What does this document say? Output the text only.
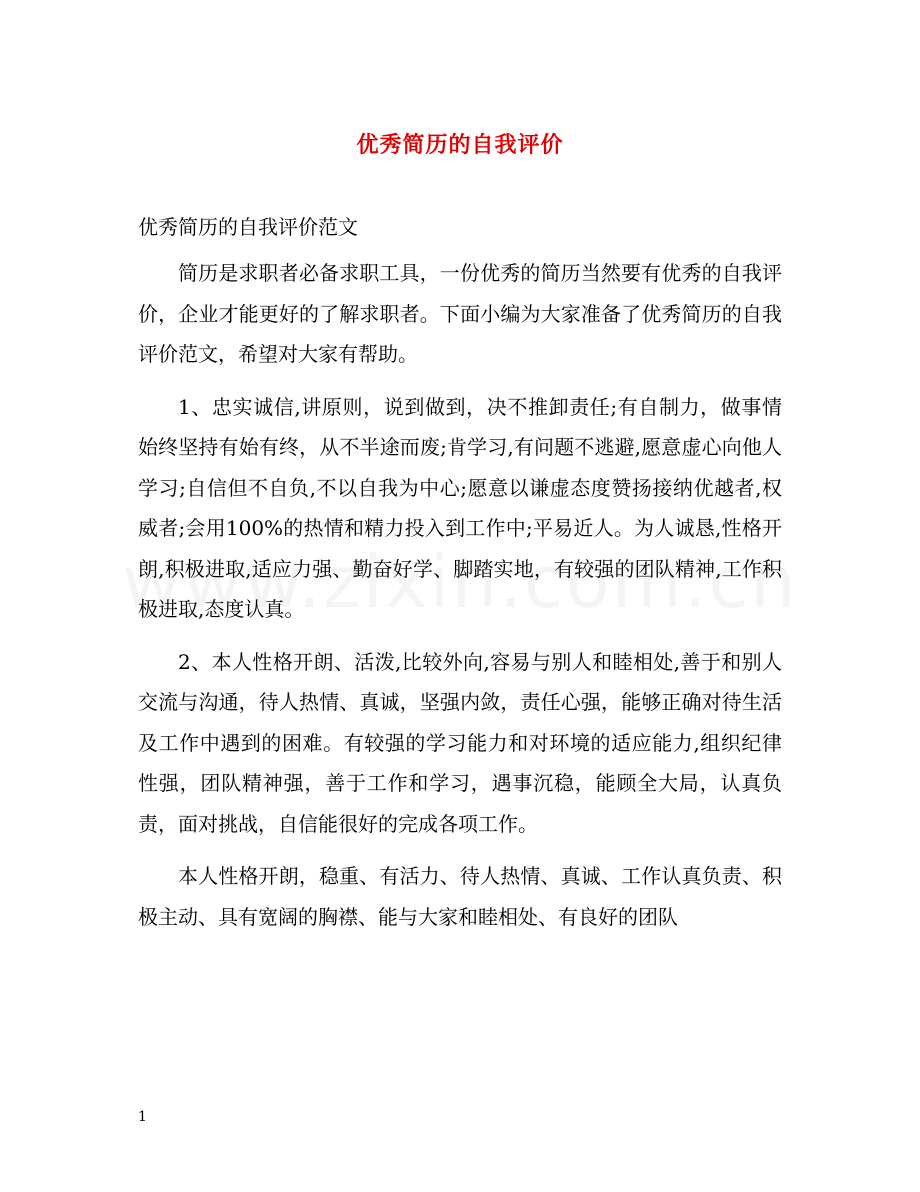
优秀简历的自我评价
优秀简历的自我评价范文

简历是求职者必备求职工具，一份优秀的简历当然要有优秀的自我评价，企业才能更好的了解求职者。下面小编为大家准备了优秀简历的自我评价范文，希望对大家有帮助。

1、忠实诚信,讲原则，说到做到，决不推卸责任;有自制力，做事情始终坚持有始有终，从不半途而废;肯学习,有问题不逃避,愿意虚心向他人学习;自信但不自负,不以自我为中心;愿意以谦虚态度赞扬接纳优越者,权威者;会用100%的热情和精力投入到工作中;平易近人。为人诚恳,性格开朗,积极进取,适应力强、勤奋好学、脚踏实地，有较强的团队精神,工作积极进取,态度认真。

2、本人性格开朗、活泼,比较外向,容易与别人和睦相处,善于和别人交流与沟通，待人热情、真诚，坚强内敛，责任心强，能够正确对待生活及工作中遇到的困难。有较强的学习能力和对环境的适应能力,组织纪律性强，团队精神强，善于工作和学习，遇事沉稳，能顾全大局，认真负责，面对挑战，自信能很好的完成各项工作。

本人性格开朗，稳重、有活力、待人热情、真诚、工作认真负责、积极主动、具有宽阔的胸襟、能与大家和睦相处、有良好的团队

1
